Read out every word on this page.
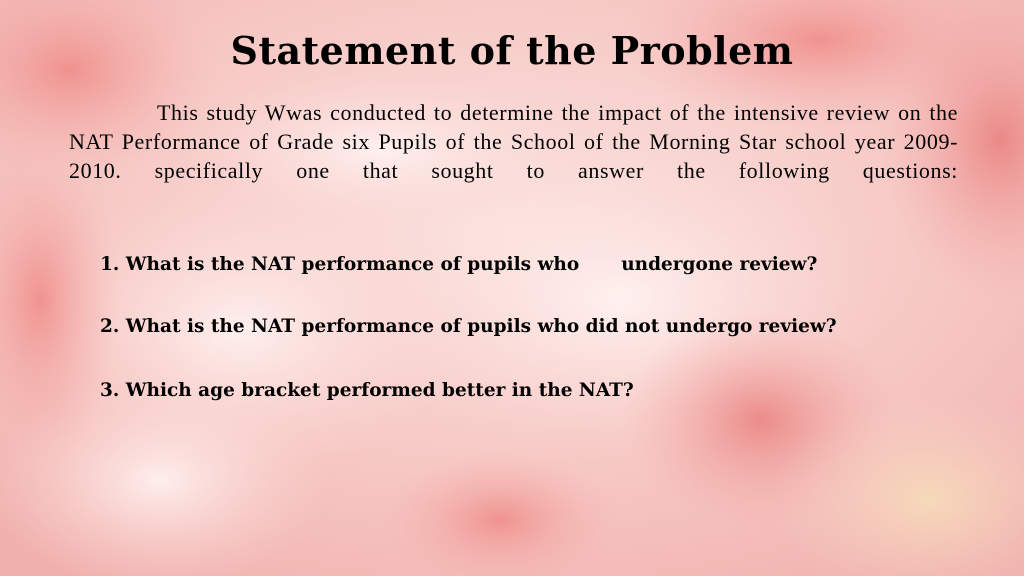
Statement of the Problem

This study Wwas conducted to determine the impact of the intensive review on the NAT Performance of Grade six Pupils of the School of the Morning Star school year 2009- 2010. specifically one that sought to answer the following questions:

1. What is the NAT performance of pupils who undergone review?
2. What is the NAT performance of pupils who did not undergo review?
3. Which age bracket performed better in the NAT?
